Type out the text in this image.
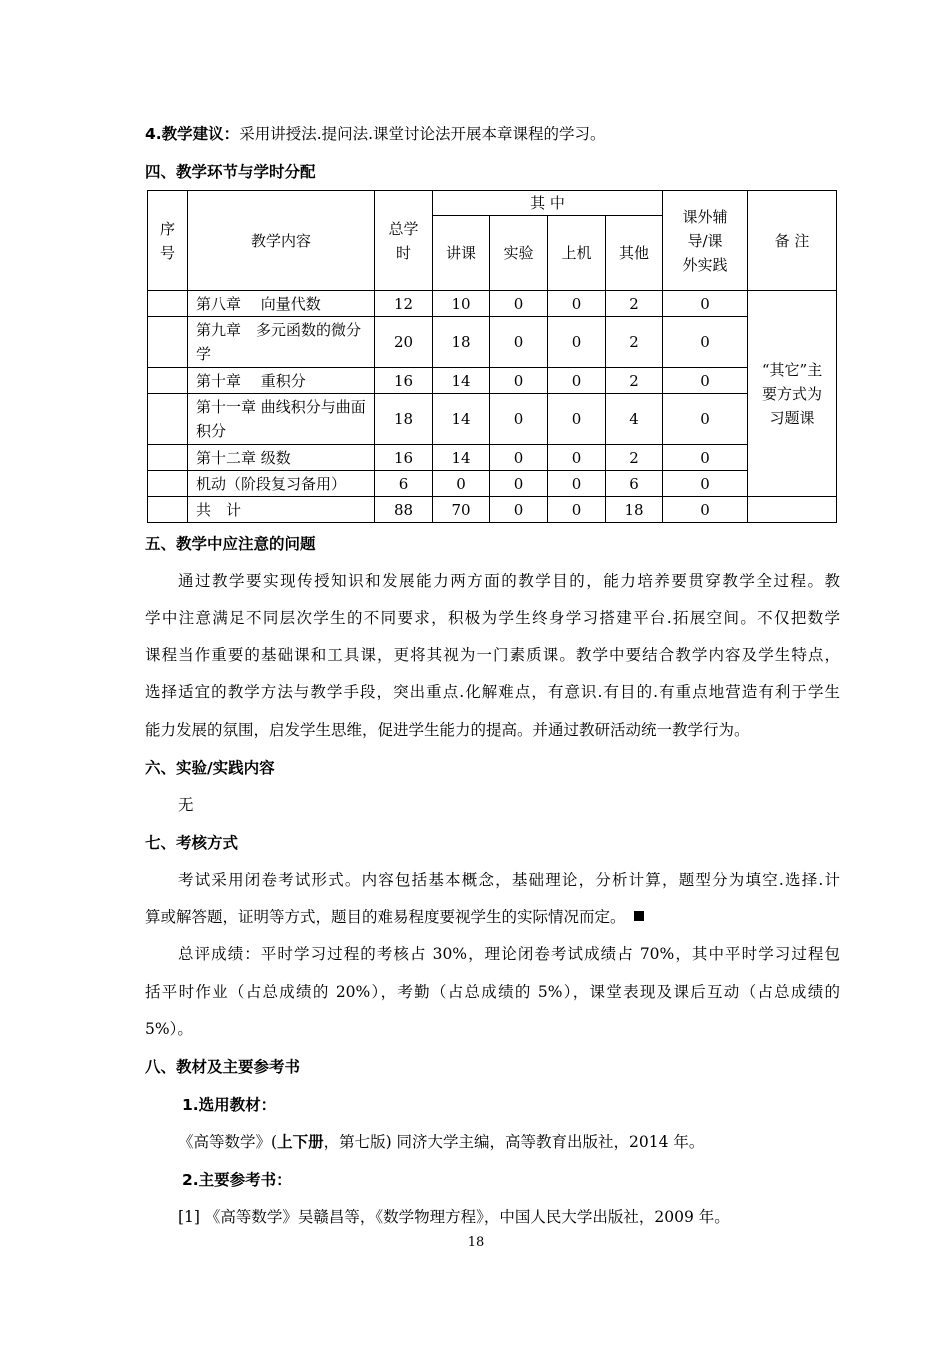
4.教学建议：采用讲授法.提问法.课堂讨论法开展本章课程的学习。
四、教学环节与学时分配
序号	教学内容	总学时	其 中				课外辅导/课外实践	备 注
			讲课	实验	上机	其他		
	第八章　 向量代数	12	10	0	0	2	0	“其它”主要方式为习题课

	第九章　多元函数的微分学	20	18	0	0	2	0	
	第十章　 重积分	16	14	0	0	2	0	
	第十一章 曲线积分与曲面积分	18	14	0	0	4	0	
	第十二章 级数	16	14	0	0	2	0	
	机动（阶段复习备用）	6	0	0	0	6	0	
	共　计	88	70	0	0	18	0	
五、教学中应注意的问题
通过教学要实现传授知识和发展能力两方面的教学目的，能力培养要贯穿教学全过程。教
学中注意满足不同层次学生的不同要求，积极为学生终身学习搭建平台.拓展空间。不仅把数学
课程当作重要的基础课和工具课，更将其视为一门素质课。教学中要结合教学内容及学生特点，
选择适宜的教学方法与教学手段，突出重点.化解难点，有意识.有目的.有重点地营造有利于学生
能力发展的氛围，启发学生思维，促进学生能力的提高。并通过教研活动统一教学行为。
六、实验/实践内容
无
七、考核方式
考试采用闭卷考试形式。内容包括基本概念，基础理论，分析计算，题型分为填空.选择.计
算或解答题，证明等方式，题目的难易程度要视学生的实际情况而定。
总评成绩：平时学习过程的考核占 30%，理论闭卷考试成绩占 70%，其中平时学习过程包
括平时作业（占总成绩的 20%），考勤（占总成绩的 5%），课堂表现及课后互动（占总成绩的
5%）。
八、教材及主要参考书
1.选用教材：
《高等数学》(上下册，第七版) 同济大学主编，高等教育出版社，2014 年。
2.主要参考书：
[1] 《高等数学》吴赣昌等，《数学物理方程》，中国人民大学出版社，2009 年。
18
